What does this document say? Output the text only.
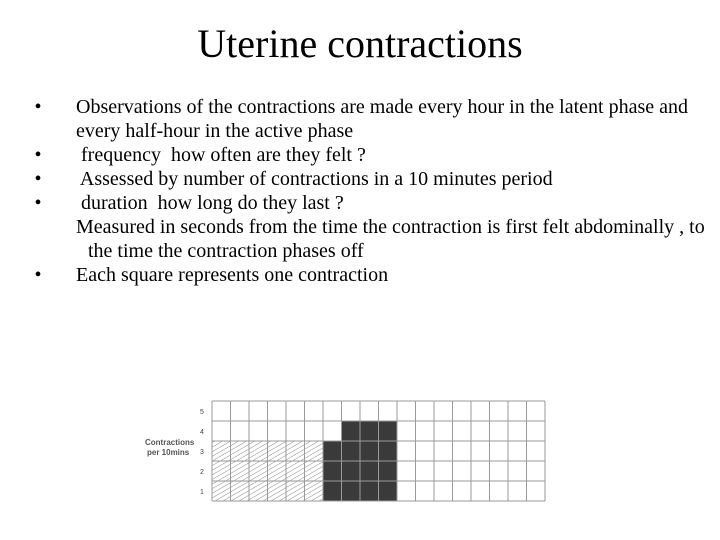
Uterine contractions
•	Observations of the contractions are made every hour in the latent phase and every half-hour in the active phase
•	frequency  how often are they felt ?
•	Assessed by number of contractions in a 10 minutes period
•	duration  how long do they last ?
Measured in seconds from the time the contraction is first felt abdominally , to the time the contraction phases off
•	Each square represents one contraction
Contractions
per 10mins
5
4
3
2
1
